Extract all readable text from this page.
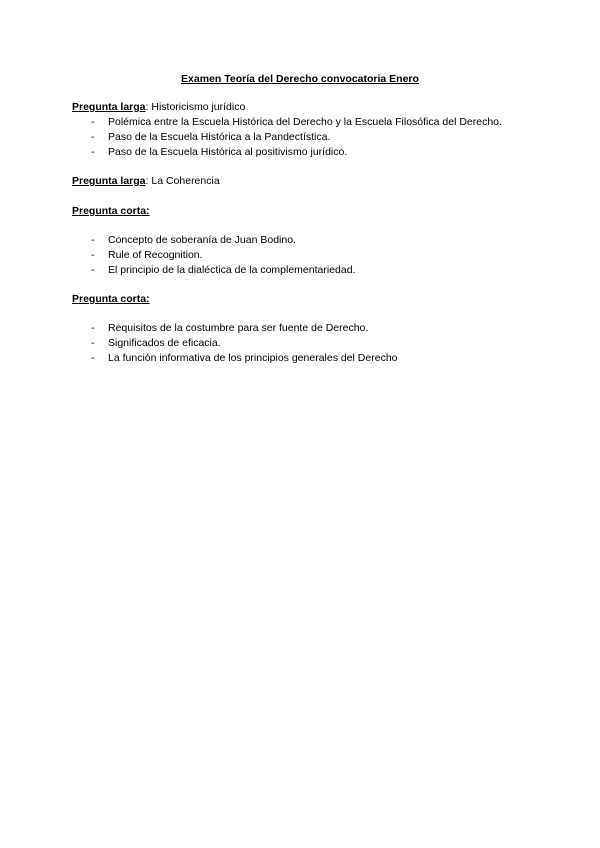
Examen Teoría del Derecho convocatoria Enero
Pregunta larga: Historicismo jurídico
- Polémica entre la Escuela Histórica del Derecho y la Escuela Filosófica del Derecho.
- Paso de la Escuela Histórica a la Pandectística.
- Paso de la Escuela Histórica al positivismo jurídico.
Pregunta larga: La Coherencia
Pregunta corta:
- Concepto de soberanía de Juan Bodino.
- Rule of Recognition.
- El principio de la dialéctica de la complementariedad.
Pregunta corta:
- Requisitos de la costumbre para ser fuente de Derecho.
- Significados de eficacia.
- La función informativa de los principios generales del Derecho
